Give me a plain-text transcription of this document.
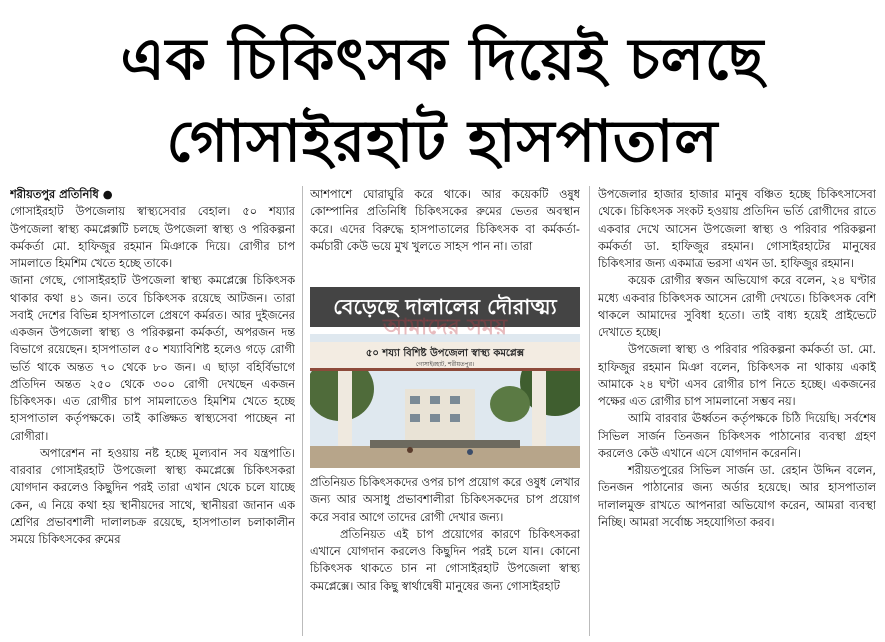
এক চিকিৎসক দিয়েই চলছে
গোসাইরহাট হাসপাতাল

শরীয়তপুর প্রতিনিধি ●

গোসাইরহাট উপজেলায় স্বাস্থ্যসেবার বেহাল। ৫০ শয্যার উপজেলা স্বাস্থ্য কমপ্লেক্সটি চলছে উপজেলা স্বাস্থ্য ও পরিকল্পনা কর্মকর্তা মো. হাফিজুর রহমান মিঞাকে দিয়ে। রোগীর চাপ সামলাতে হিমশিম খেতে হচ্ছে তাকে।

জানা গেছে, গোসাইরহাট উপজেলা স্বাস্থ্য কমপ্লেক্সে চিকিৎসক থাকার কথা ৪১ জন। তবে চিকিৎসক রয়েছে আটজন। তারা সবাই দেশের বিভিন্ন হাসপাতালে প্রেষণে কর্মরত। আর দুইজনের একজন উপজেলা স্বাস্থ্য ও পরিকল্পনা কর্মকর্তা, অপরজন দন্ত বিভাগে রয়েছেন। হাসপাতাল ৫০ শয্যাবিশিষ্ট হলেও গড়ে রোগী ভর্তি থাকে অন্তত ৭০ থেকে ৮০ জন। এ ছাড়া বহির্বিভাগে প্রতিদিন অন্তত ২৫০ থেকে ৩০০ রোগী দেখছেন একজন চিকিৎসক। এত রোগীর চাপ সামলাতেও হিমশিম খেতে হচ্ছে হাসপাতাল কর্তৃপক্ষকে। তাই কাঙ্ক্ষিত স্বাস্থ্যসেবা পাচ্ছেন না রোগীরা।

অপারেশন না হওয়ায় নষ্ট হচ্ছে মূল্যবান সব যন্ত্রপাতি। বারবার গোসাইরহাট উপজেলা স্বাস্থ্য কমপ্লেক্সে চিকিৎসকরা যোগদান করলেও কিছুদিন পরই তারা এখান থেকে চলে যাচ্ছে কেন, এ নিয়ে কথা হয় স্থানীয়দের সাথে, স্থানীয়রা জানান এক শ্রেণির প্রভাবশালী দালালচক্র রয়েছে, হাসপাতাল চলাকালীন সময়ে চিকিৎসকের রুমের

আশপাশে ঘোরাঘুরি করে থাকে। আর কয়েকটি ওষুধ কোম্পানির প্রতিনিধি চিকিৎসকের রুমের ভেতর অবস্থান করে। এদের বিরুদ্ধে হাসপাতালের চিকিৎসক বা কর্মকর্তা-কর্মচারী কেউ ভয়ে মুখ খুলতে সাহস পান না। তারা

বেড়েছে দালালের দৌরাত্ম্য
৫০ শয্যা বিশিষ্ট উপজেলা স্বাস্থ্য কমপ্লেক্স
গোসাইরহাট, শরীয়তপুর।
আমাদের সময়

প্রতিনিয়ত চিকিৎসকদের ওপর চাপ প্রয়োগ করে ওষুধ লেখার জন্য আর অসাধু প্রভাবশালীরা চিকিৎসকদের চাপ প্রয়োগ করে সবার আগে তাদের রোগী দেখার জন্য।

প্রতিনিয়ত এই চাপ প্রয়োগের কারণে চিকিৎসকরা এখানে যোগদান করলেও কিছুদিন পরই চলে যান। কোনো চিকিৎসক থাকতে চান না গোসাইরহাট উপজেলা স্বাস্থ্য কমপ্লেক্সে। আর কিছু স্বার্থান্বেষী মানুষের জন্য গোসাইরহাট

উপজেলার হাজার হাজার মানুষ বঞ্চিত হচ্ছে চিকিৎসাসেবা থেকে। চিকিৎসক সংকট হওয়ায় প্রতিদিন ভর্তি রোগীদের রাতে একবার দেখে আসেন উপজেলা স্বাস্থ্য ও পরিবার পরিকল্পনা কর্মকর্তা ডা. হাফিজুর রহমান। গোসাইরহাটের মানুষের চিকিৎসার জন্য একমাত্র ভরসা এখন ডা. হাফিজুর রহমান।

কয়েক রোগীর স্বজন অভিযোগ করে বলেন, ২৪ ঘণ্টার মধ্যে একবার চিকিৎসক আসেন রোগী দেখতে। চিকিৎসক বেশি থাকলে আমাদের সুবিধা হতো। তাই বাধ্য হয়েই প্রাইভেটে দেখাতে হচ্ছে।

উপজেলা স্বাস্থ্য ও পরিবার পরিকল্পনা কর্মকর্তা ডা. মো. হাফিজুর রহমান মিঞা বলেন, চিকিৎসক না থাকায় একাই আমাকে ২৪ ঘণ্টা এসব রোগীর চাপ নিতে হচ্ছে। একজনের পক্ষের এত রোগীর চাপ সামলানো সম্ভব নয়।

আমি বারবার ঊর্ধ্বতন কর্তৃপক্ষকে চিঠি দিয়েছি। সর্বশেষ সিভিল সার্জন তিনজন চিকিৎসক পাঠানোর ব্যবস্থা গ্রহণ করলেও কেউ এখানে এসে যোগদান করেননি।

শরীয়তপুরের সিভিল সার্জন ডা. রেহান উদ্দিন বলেন, তিনজন পাঠানোর জন্য অর্ডার হয়েছে। আর হাসপাতাল দালালমুক্ত রাখতে আপনারা অভিযোগ করেন, আমরা ব্যবস্থা নিচ্ছি। আমরা সর্বোচ্চ সহযোগিতা করব।
